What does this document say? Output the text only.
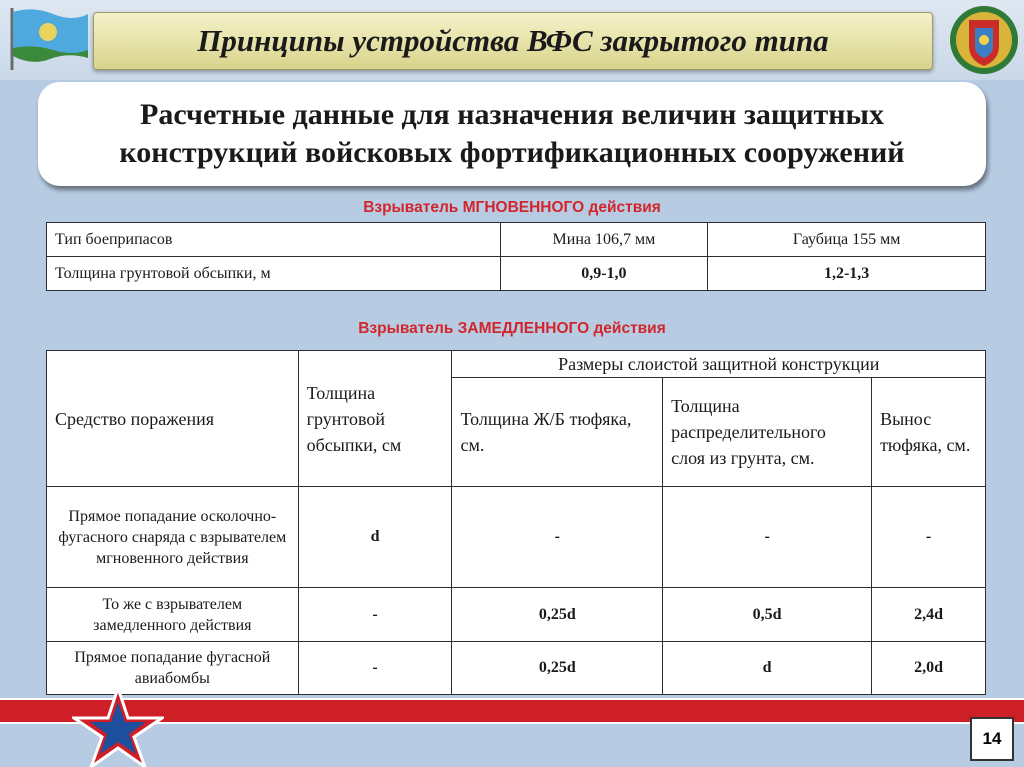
Принципы устройства ВФС закрытого типа
Расчетные данные для назначения величин защитных
конструкций войсковых фортификационных сооружений
Взрыватель МГНОВЕННОГО действия
Тип боеприпасов	Мина 106,7 мм	Гаубица 155 мм
Толщина грунтовой обсыпки, м	0,9-1,0	1,2-1,3
Взрыватель ЗАМЕДЛЕННОГО действия
Средство поражения	Толщина грунтовой обсыпки, см	Размеры слоистой защитной конструкции		
		Толщина Ж/Б тюфяка, см.	Толщина распределительного слоя из грунта, см.	Вынос тюфяка, см.
Прямое попадание осколочно-фугасного снаряда с взрывателем мгновенного действия	d	-	-	-
То же с взрывателем замедленного действия	-	0,25d	0,5d	2,4d
Прямое попадание фугасной авиабомбы	-	0,25d	d	2,0d
14
